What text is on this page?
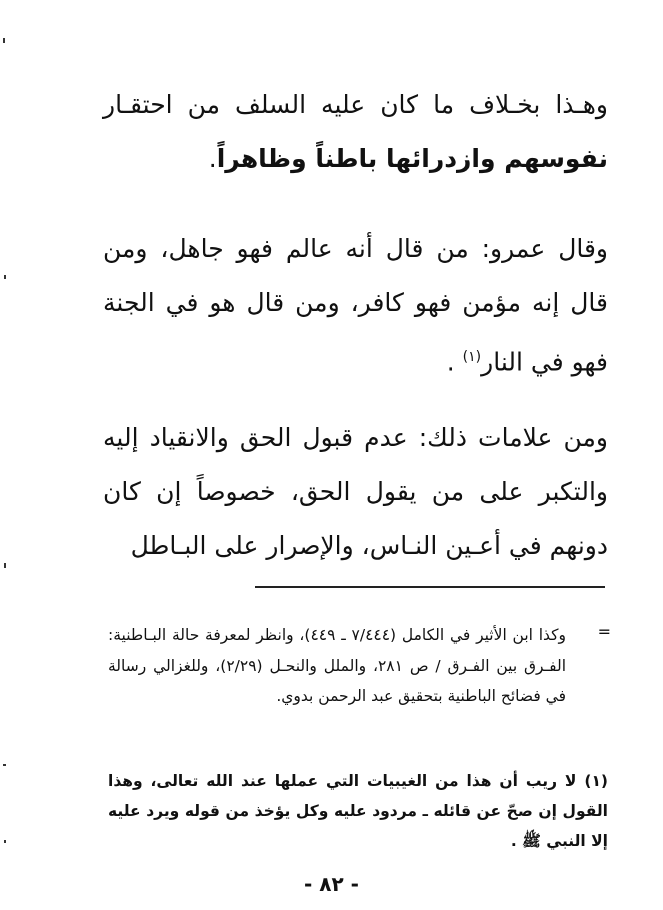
وهـذا بخـلاف ما كان عليه السلف من احتقـار نفوسهم وازدرائها باطناً وظاهراً.

وقال عمرو: من قال أنه عالم فهو جاهل، ومن قال إنه مؤمن فهو كافر، ومن قال هو في الجنة فهو في النار$^{(١)}$ .

ومن علامات ذلك: عدم قبول الحق والانقياد إليه والتكبر على من يقول الحق، خصوصاً إن كان دونهم في أعـين النـاس، والإصرار على البـاطل

=

وكذا ابن الأثير في الكامل (٧/٤٤٤ ـ ٤٤٩)، وانظر لمعرفة حالة البـاطنية: الفـرق بين الفـرق / ص ٢٨١، والملل والنحـل (٢/٢٩)، وللغزالي رسالة في فضائح الباطنية بتحقيق عبد الرحمن بدوي.

(١) لا ريب أن هذا من الغيبيات التي عملها عند الله تعالى، وهذا القول إن صحّ عن قائله ـ مردود عليه وكل يؤخذ من قوله ويرد عليه إلا النبي ﷺ .

- ٨٢ -
